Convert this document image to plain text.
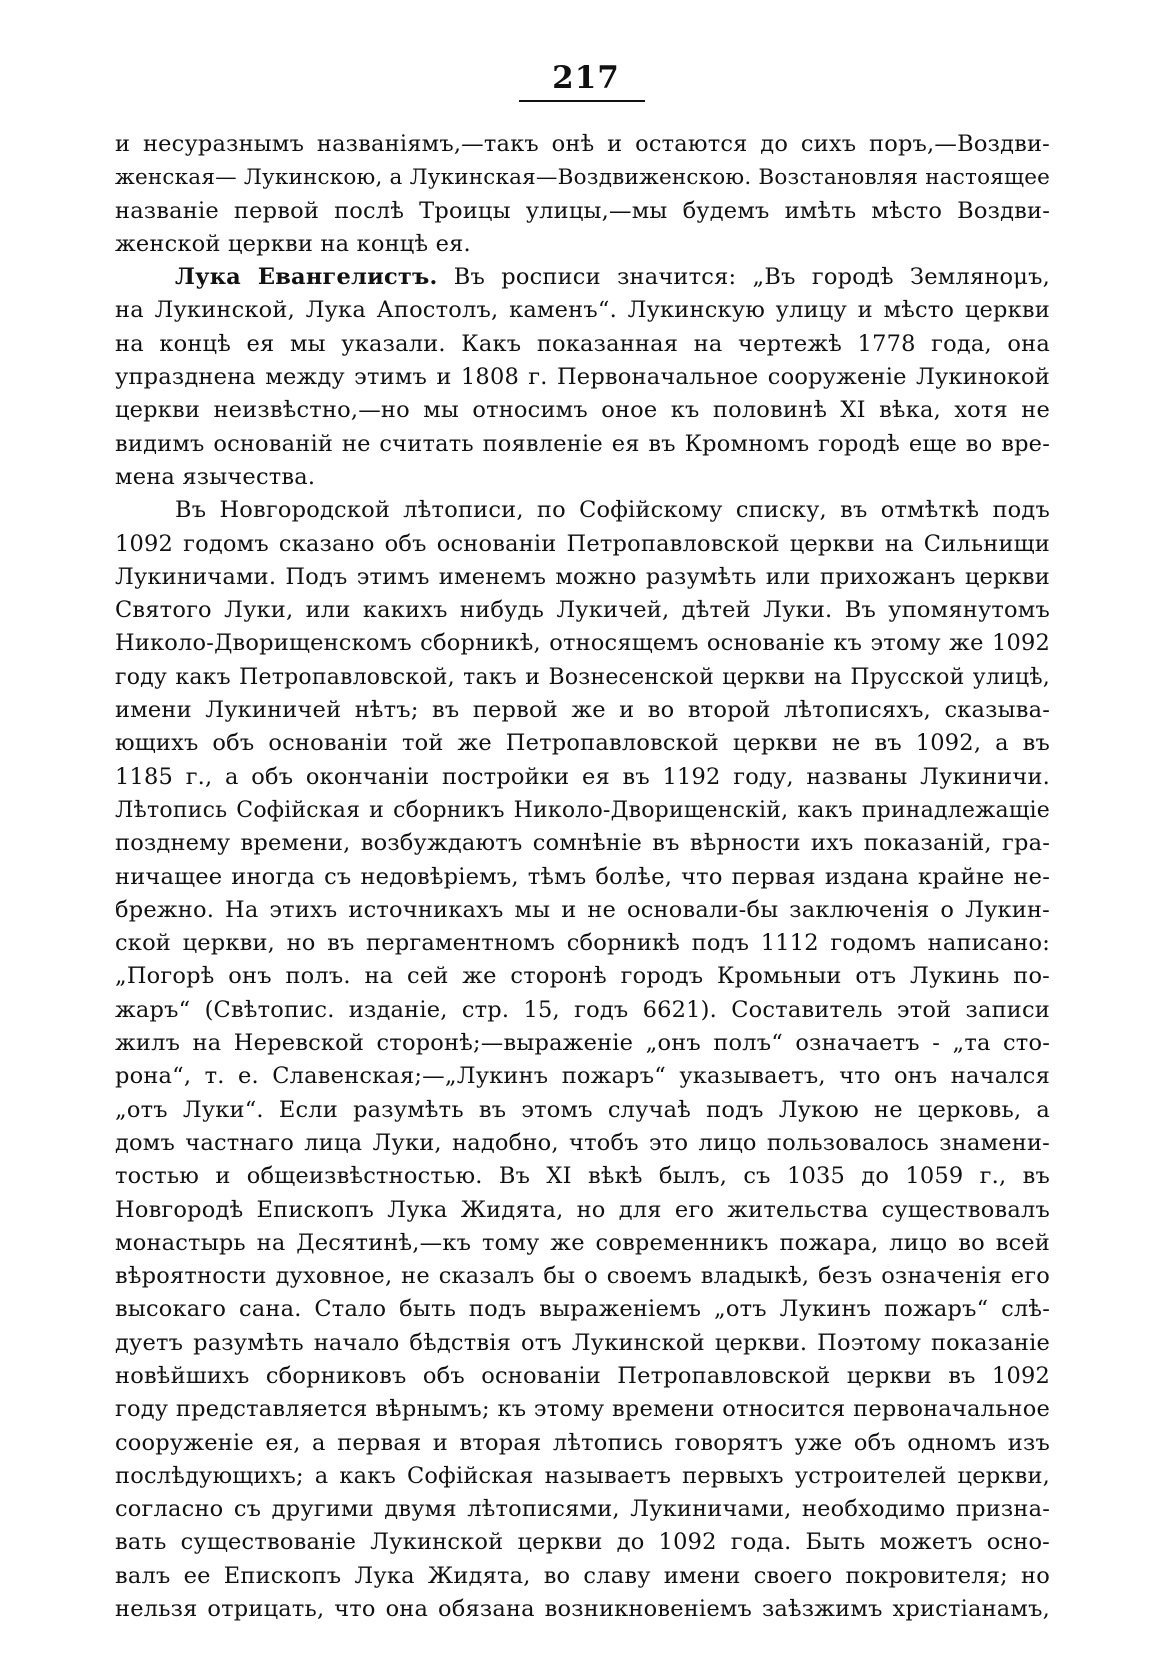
217
и несуразнымъ названіямъ,—такъ онѣ и остаются до сихъ поръ,—Воздви-
женская— Лукинскою, а Лукинская—Воздвиженскою. Возстановляя настоящее
названіе первой послѣ Троицы улицы,—мы будемъ имѣть мѣсто Воздви-
женской церкви на концѣ ея.
Лука Евангелистъ. Въ росписи значится: „Въ городѣ Землянομъ,
на Лукинской, Лука Апостолъ, каменъ“. Лукинскую улицу и мѣсто церкви
на концѣ ея мы указали. Какъ показанная на чертежѣ 1778 года, она
упразднена между этимъ и 1808 г. Первоначальное сооруженіе Лукинокой
церкви неизвѣстно,—но мы относимъ оное къ половинѣ XI вѣка, хотя не
видимъ основаній не считать появленіе ея въ Кромномъ городѣ еще во вре-
мена язычества.
Въ Новгородской лѣтописи, по Софійскому списку, въ отмѣткѣ подъ
1092 годомъ сказано объ основаніи Петропавловской церкви на Сильнищи
Лукиничами. Подъ этимъ именемъ можно разумѣть или прихожанъ церкви
Святого Луки, или какихъ нибудь Лукичей, дѣтей Луки. Въ упомянутомъ
Николо-Дворищенскомъ сборникѣ, относящемъ основаніе къ этому же 1092
году какъ Петропавловской, такъ и Вознесенской церкви на Прусской улицѣ,
имени Лукиничей нѣтъ; въ первой же и во второй лѣтописяхъ, сказыва-
ющихъ объ основаніи той же Петропавловской церкви не въ 1092, а въ
1185 г., а объ окончаніи постройки ея въ 1192 году, названы Лукиничи.
Лѣтопись Софійская и сборникъ Николо-Дворищенскій, какъ принадлежащіе
позднему времени, возбуждаютъ сомнѣніе въ вѣрности ихъ показаній, гра-
ничащее иногда съ недовѣріемъ, тѣмъ болѣе, что первая издана крайне не-
брежно. На этихъ источникахъ мы и не основали-бы заключенія о Лукин-
ской церкви, но въ пергаментномъ сборникѣ подъ 1112 годомъ написано:
„Погорѣ онъ полъ. на сей же сторонѣ городъ Кромьныи отъ Лукинь по-
жаръ“ (Свѣтопис. изданіе, стр. 15, годъ 6621). Составитель этой записи
жилъ на Неревской сторонѣ;—выраженіе „онъ полъ“ означаетъ - „та сто-
рона“, т. е. Славенская;—„Лукинъ пожаръ“ указываетъ, что онъ начался
„отъ Луки“. Если разумѣть въ этомъ случаѣ подъ Лукою не церковь, а
домъ частнаго лица Луки, надобно, чтобъ это лицо пользовалось знамени-
тостью и общеизвѣстностью. Въ XI вѣкѣ былъ, съ 1035 до 1059 г., въ
Новгородѣ Епископъ Лука Жидята, но для его жительства существовалъ
монастырь на Десятинѣ,—къ тому же современникъ пожара, лицо во всей
вѣроятности духовное, не сказалъ бы о своемъ владыкѣ, безъ означенія его
высокаго сана. Стало быть подъ выраженіемъ „отъ Лукинъ пожаръ“ слѣ-
дуетъ разумѣть начало бѣдствія отъ Лукинской церкви. Поэтому показаніе
новѣйшихъ сборниковъ объ основаніи Петропавловской церкви въ 1092
году представляется вѣрнымъ; къ этому времени относится первоначальное
сооруженіе ея, а первая и вторая лѣтопись говорятъ уже объ одномъ изъ
послѣдующихъ; а какъ Софійская называетъ первыхъ устроителей церкви,
согласно съ другими двумя лѣтописями, Лукиничами, необходимо призна-
вать существованіе Лукинской церкви до 1092 года. Быть можетъ осно-
валъ ее Епископъ Лука Жидята, во славу имени своего покровителя; но
нельзя отрицать, что она обязана возникновеніемъ заѣзжимъ христіанамъ,
